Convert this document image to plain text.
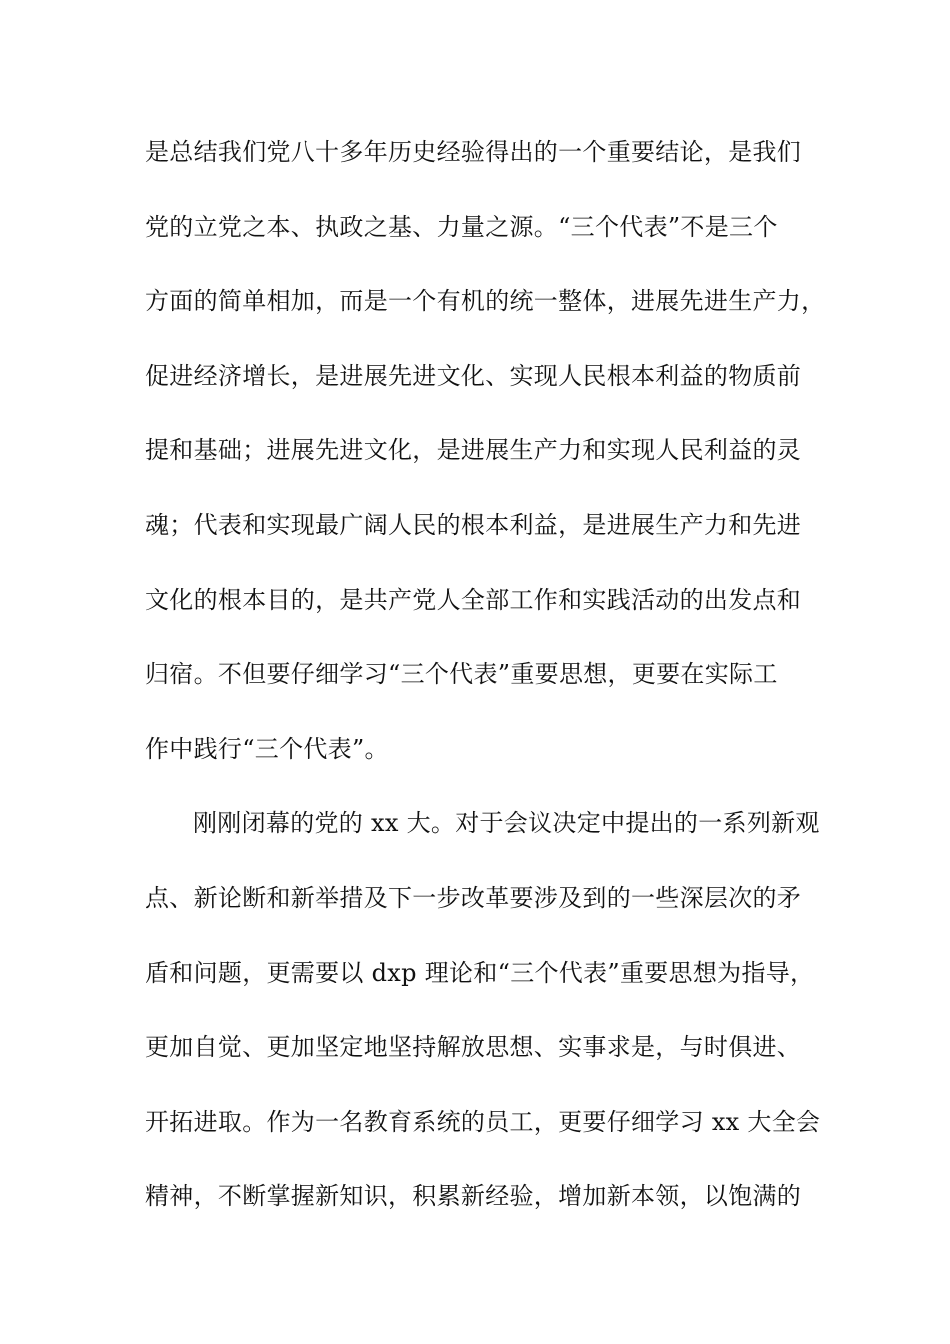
是总结我们党八十多年历史经验得出的一个重要结论，是我们
党的立党之本、执政之基、力量之源。“三个代表”不是三个
方面的简单相加，而是一个有机的统一整体，进展先进生产力，
促进经济增长，是进展先进文化、实现人民根本利益的物质前
提和基础；进展先进文化，是进展生产力和实现人民利益的灵
魂；代表和实现最广阔人民的根本利益，是进展生产力和先进
文化的根本目的，是共产党人全部工作和实践活动的出发点和
归宿。不但要仔细学习“三个代表”重要思想，更要在实际工
作中践行“三个代表”。
刚刚闭幕的党的 xx 大。对于会议决定中提出的一系列新观
点、新论断和新举措及下一步改革要涉及到的一些深层次的矛
盾和问题，更需要以 dxp 理论和“三个代表”重要思想为指导，
更加自觉、更加坚定地坚持解放思想、实事求是，与时俱进、
开拓进取。作为一名教育系统的员工，更要仔细学习 xx 大全会
精神，不断掌握新知识，积累新经验，增加新本领，以饱满的
